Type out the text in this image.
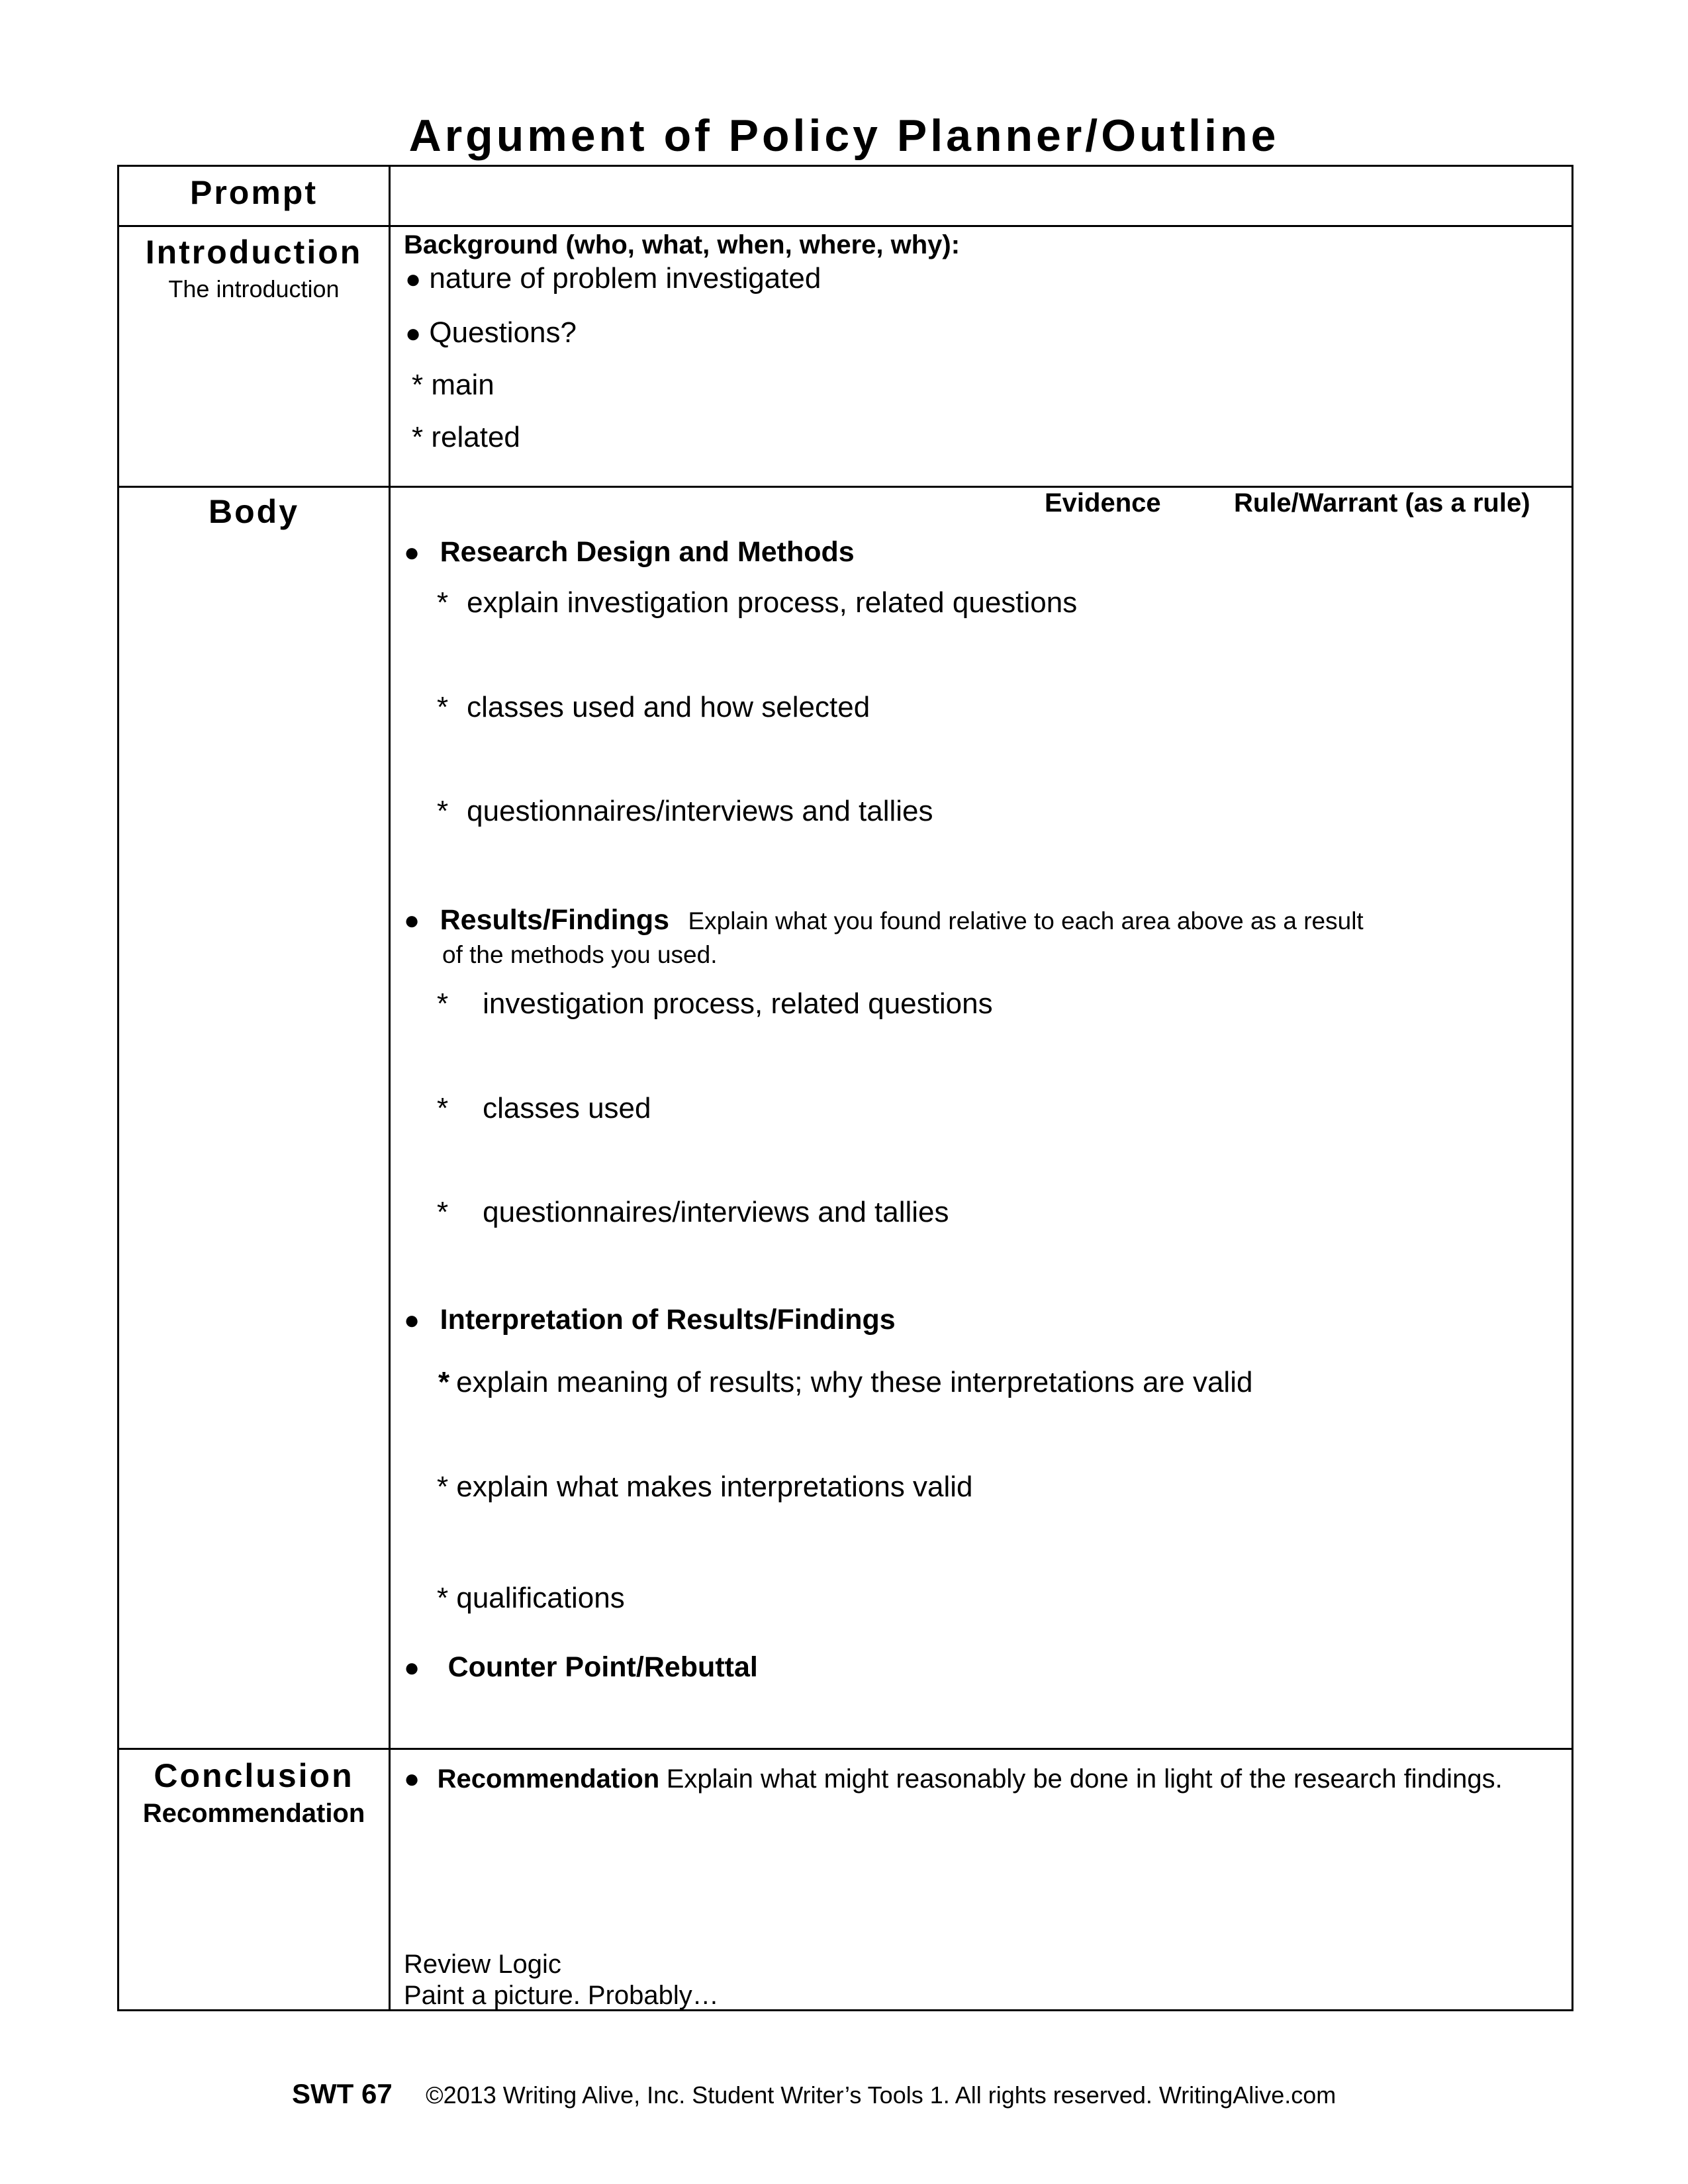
Argument of Policy Planner/Outline
Prompt
Introduction
The introduction
Body
Conclusion
Recommendation
Background (who, what, when, where, why):
● nature of problem investigated
● Questions?
* main
* related
Evidence	Rule/Warrant (as a rule)
● Research Design and Methods
* explain investigation process, related questions
* classes used and how selected
* questionnaires/interviews and tallies
● Results/Findings Explain what you found relative to each area above as a result
of the methods you used.
* investigation process, related questions
* classes used
* questionnaires/interviews and tallies
● Interpretation of Results/Findings
* explain meaning of results; why these interpretations are valid
* explain what makes interpretations valid
* qualifications
● Counter Point/Rebuttal
● Recommendation Explain what might reasonably be done in light of the research findings.
Review Logic
Paint a picture. Probably…
SWT 67 ©2013 Writing Alive, Inc. Student Writer’s Tools 1. All rights reserved. WritingAlive.com
